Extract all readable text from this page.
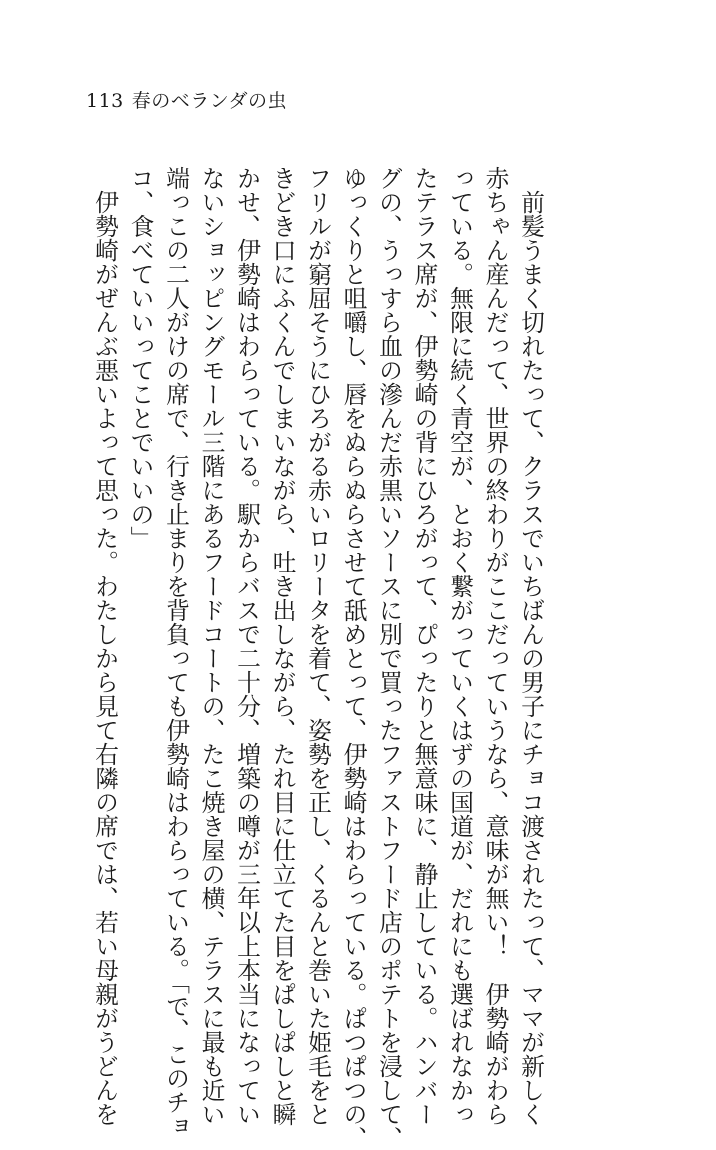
113 春のベランダの虫
前髪うまく切れたって、クラスでいちばんの男子にチョコ渡されたって、ママが新しく
赤ちゃん産んだって、世界の終わりがここだっていうなら、意味が無い！　伊勢崎がわら
っている。無限に続く青空が、とおく繋がっていくはずの国道が、だれにも選ばれなかっ
たテラス席が、伊勢崎の背にひろがって、ぴったりと無意味に、静止している。ハンバー
グの、うっすら血の滲んだ赤黒いソースに別で買ったファストフード店のポテトを浸して、
ゆっくりと咀嚼し、唇をぬらぬらさせて舐めとって、伊勢崎はわらっている。ぱつぱつの、
フリルが窮屈そうにひろがる赤いロリータを着て、姿勢を正し、くるんと巻いた姫毛をと
きどき口にふくんでしまいながら、吐き出しながら、たれ目に仕立てた目をぱしぱしと瞬
かせ、伊勢崎はわらっている。駅からバスで二十分、増築の噂が三年以上本当になってい
ないショッピングモール三階にあるフードコートの、たこ焼き屋の横、テラスに最も近い
端っこの二人がけの席で、行き止まりを背負っても伊勢崎はわらっている。「で、このチョ
コ、食べていいってことでいいの」
伊勢崎がぜんぶ悪いよって思った。わたしから見て右隣の席では、若い母親がうどんを
